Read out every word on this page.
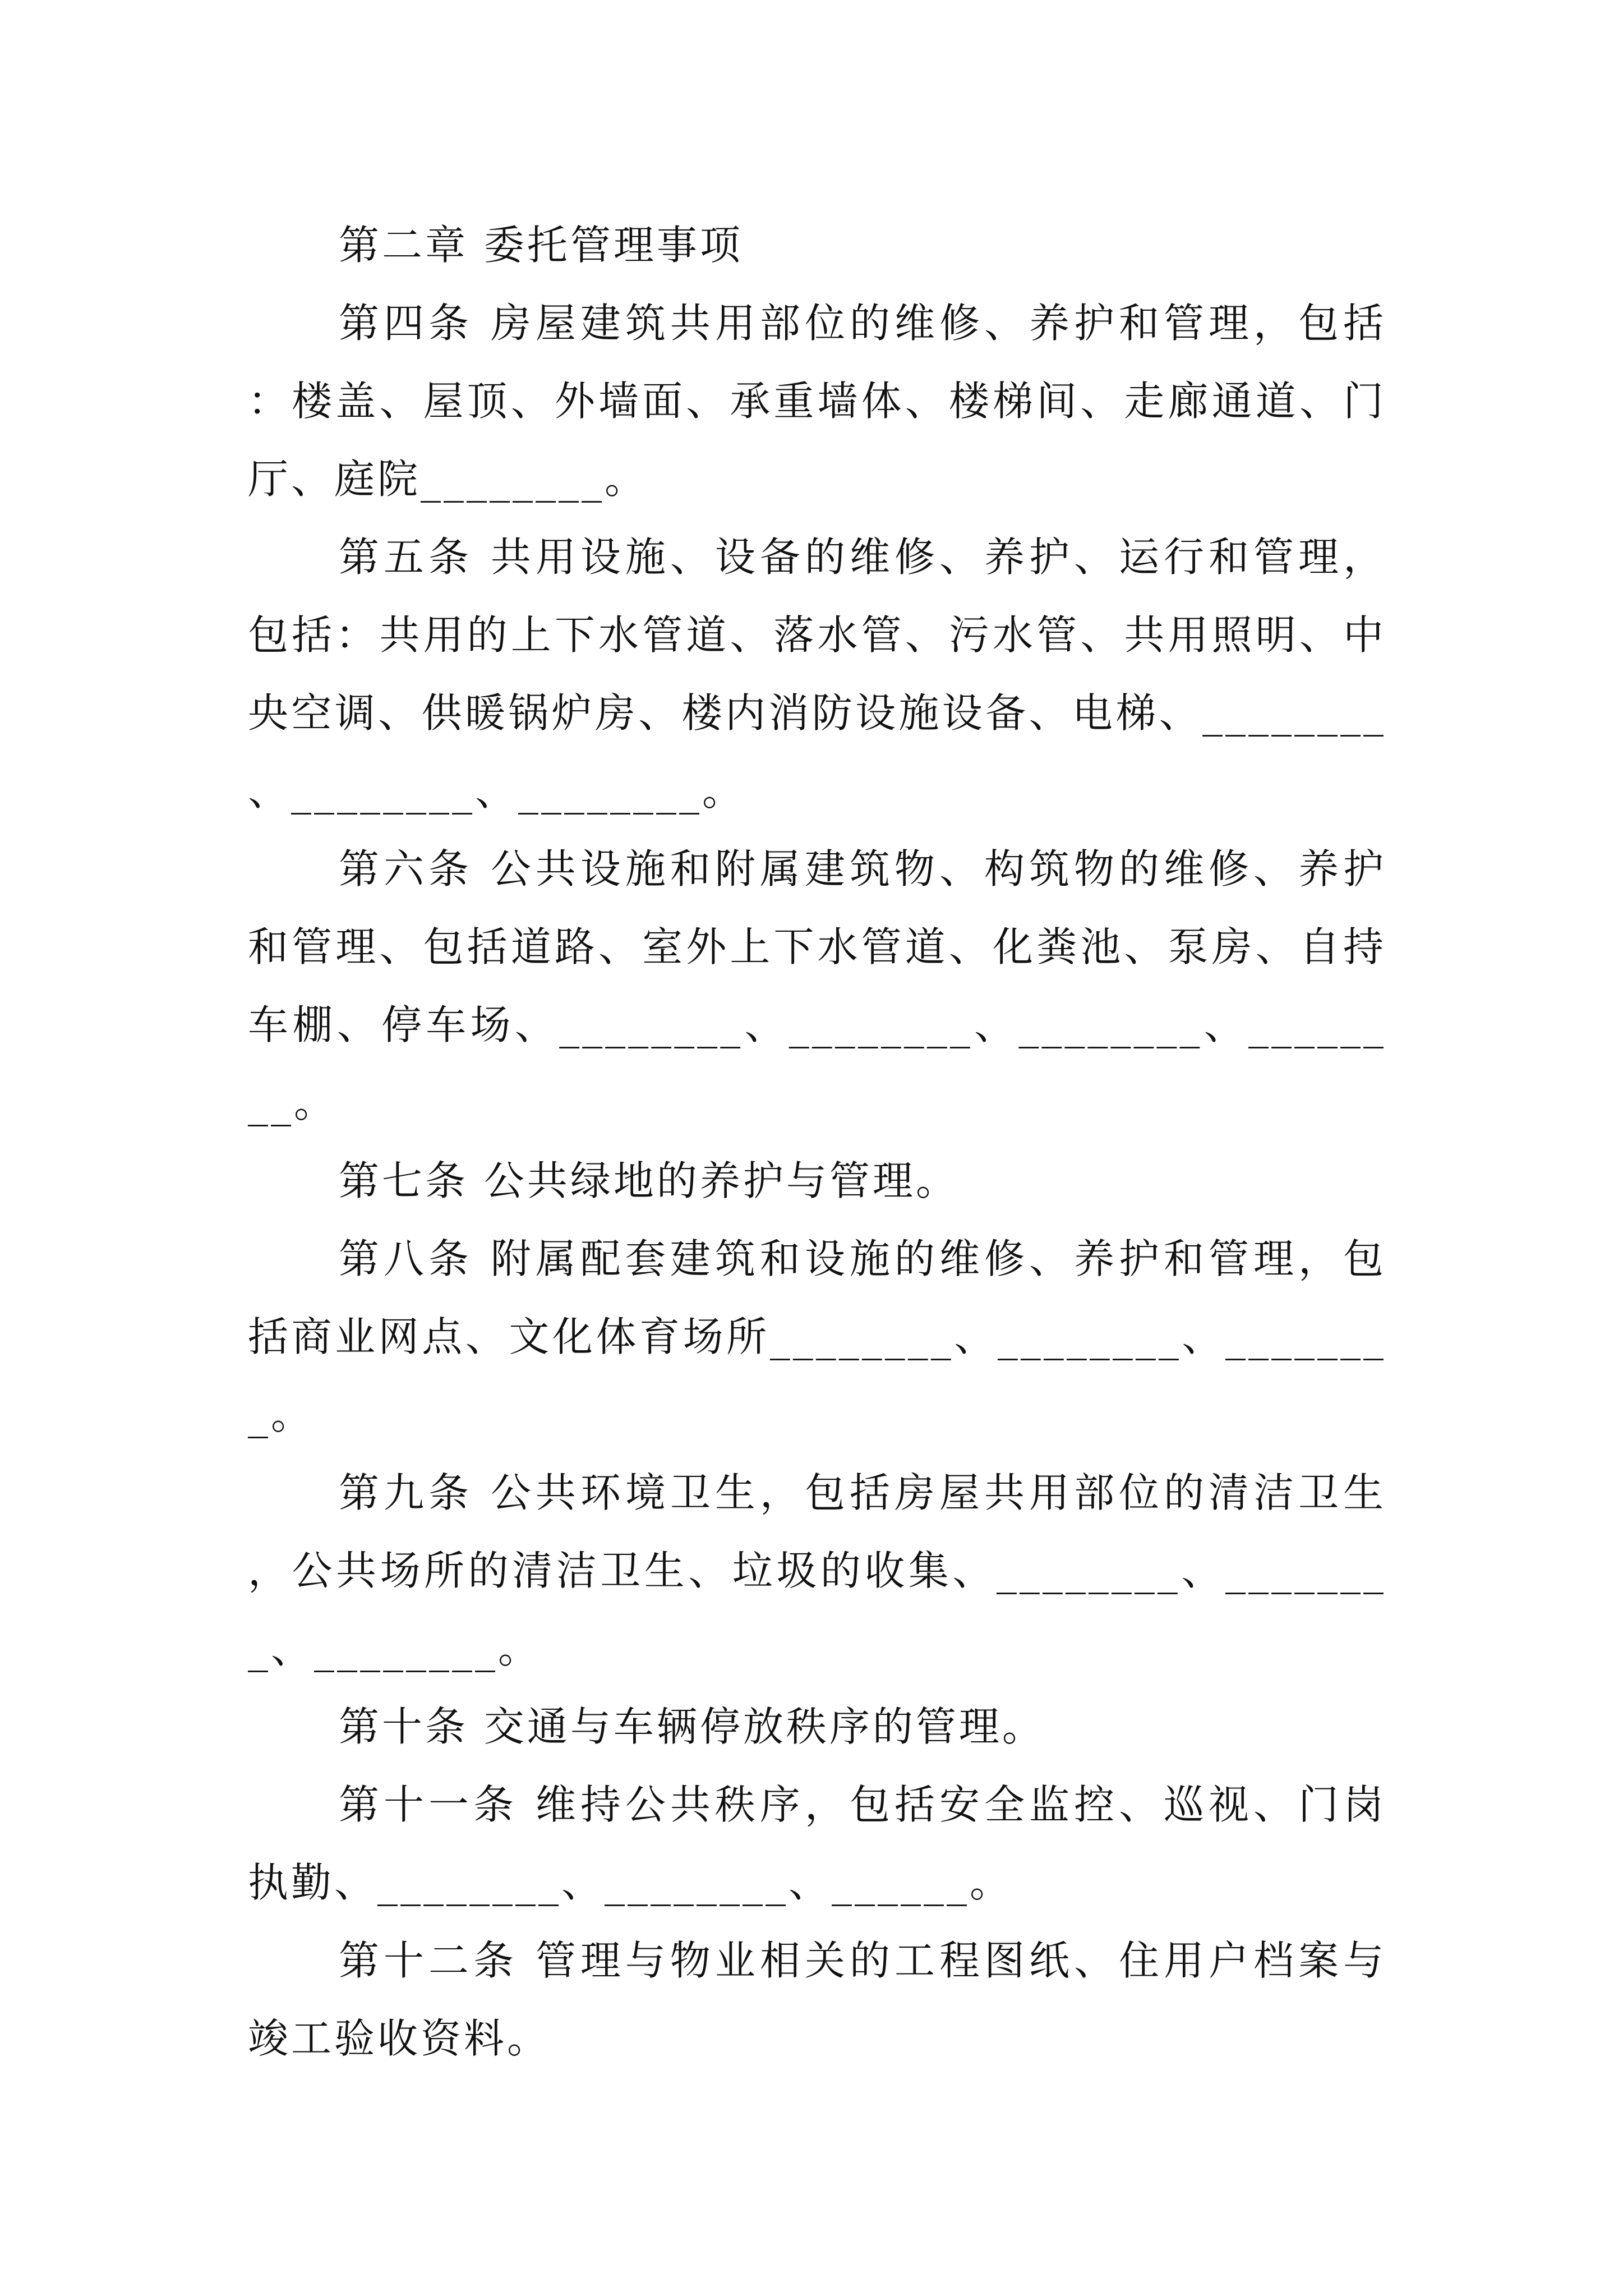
第二章 委托管理事项

第四条 房屋建筑共用部位的维修、养护和管理，包括：楼盖、屋顶、外墙面、承重墙体、楼梯间、走廊通道、门厅、庭院________。

第五条 共用设施、设备的维修、养护、运行和管理，包括：共用的上下水管道、落水管、污水管、共用照明、中央空调、供暖锅炉房、楼内消防设施设备、电梯、________、________、________。

第六条 公共设施和附属建筑物、构筑物的维修、养护和管理、包括道路、室外上下水管道、化粪池、泵房、自持车棚、停车场、________、________、________、________。

第七条 公共绿地的养护与管理。

第八条 附属配套建筑和设施的维修、养护和管理，包括商业网点、文化体育场所________、________、________。

第九条 公共环境卫生，包括房屋共用部位的清洁卫生，公共场所的清洁卫生、垃圾的收集、________、________、________。

第十条 交通与车辆停放秩序的管理。

第十一条 维持公共秩序，包括安全监控、巡视、门岗执勤、________、________、______。

第十二条 管理与物业相关的工程图纸、住用户档案与竣工验收资料。
